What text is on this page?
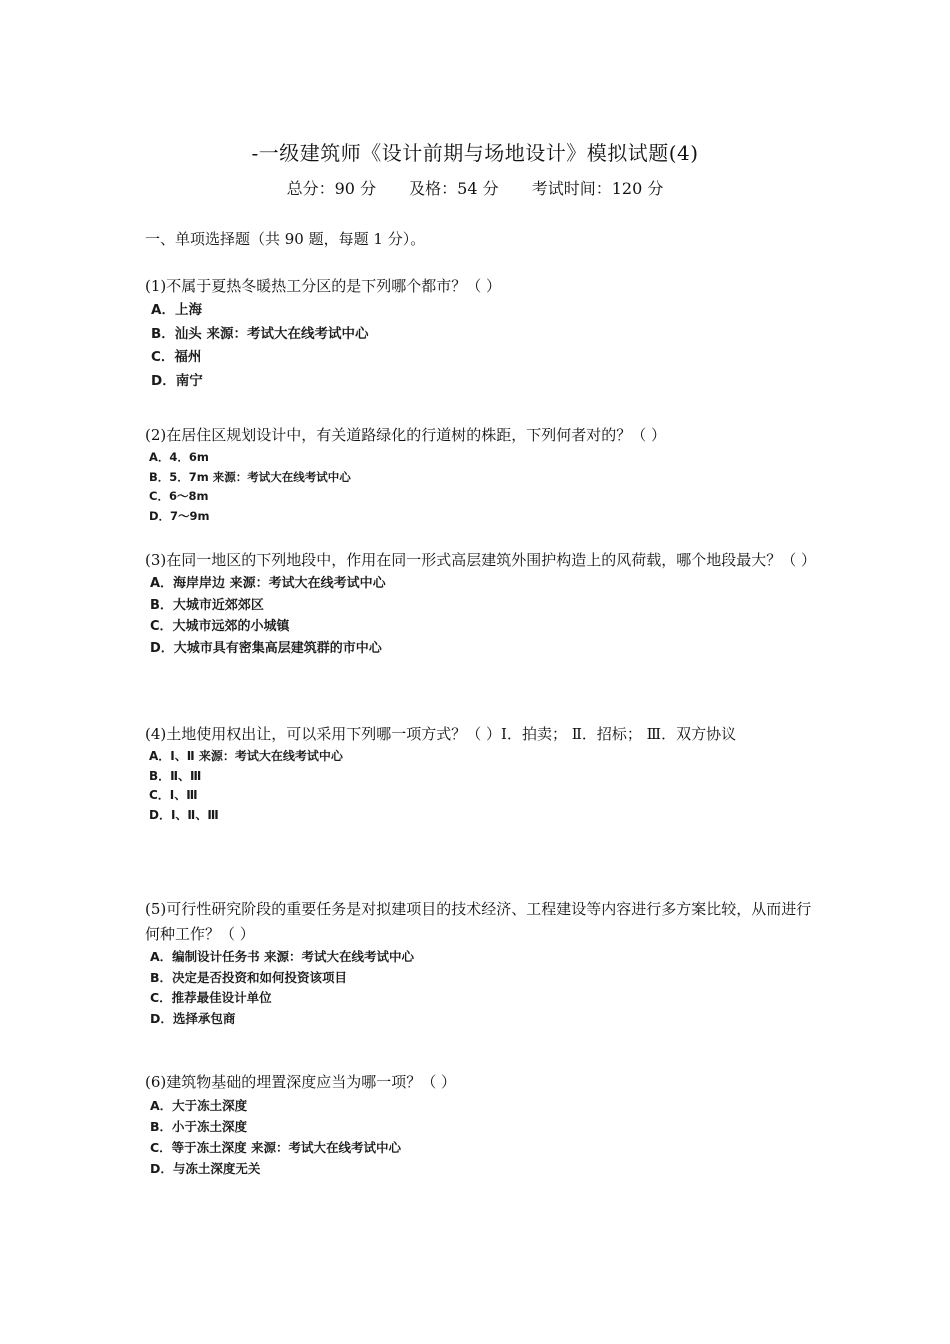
-一级建筑师《设计前期与场地设计》模拟试题(4)
总分：90 分 及格：54 分 考试时间：120 分
一、单项选择题（共 90 题，每题 1 分）。
(1)不属于夏热冬暖热工分区的是下列哪个都市？（ ）
A．上海
B．汕头 来源：考试大在线考试中心
C．福州
D．南宁
(2)在居住区规划设计中，有关道路绿化的行道树的株距，下列何者对的？（ ）
A．4．6m
B．5．7m 来源：考试大在线考试中心
C．6～8m
D．7～9m
(3)在同一地区的下列地段中，作用在同一形式高层建筑外围护构造上的风荷载，哪个地段最大？（ ）
A．海岸岸边 来源：考试大在线考试中心
B．大城市近郊郊区
C．大城市远郊的小城镇
D．大城市具有密集高层建筑群的市中心
(4)土地使用权出让，可以采用下列哪一项方式？（ ）I．拍卖； Ⅱ．招标； Ⅲ．双方协议
A．Ⅰ、Ⅱ 来源：考试大在线考试中心
B．Ⅱ、Ⅲ
C．Ⅰ、Ⅲ
D．Ⅰ、Ⅱ、Ⅲ
(5)可行性研究阶段的重要任务是对拟建项目的技术经济、工程建设等内容进行多方案比较，从而进行何种工作？（ ）
A．编制设计任务书 来源：考试大在线考试中心
B．决定是否投资和如何投资该项目
C．推荐最佳设计单位
D．选择承包商
(6)建筑物基础的埋置深度应当为哪一项？（ ）
A．大于冻土深度
B．小于冻土深度
C．等于冻土深度 来源：考试大在线考试中心
D．与冻土深度无关
